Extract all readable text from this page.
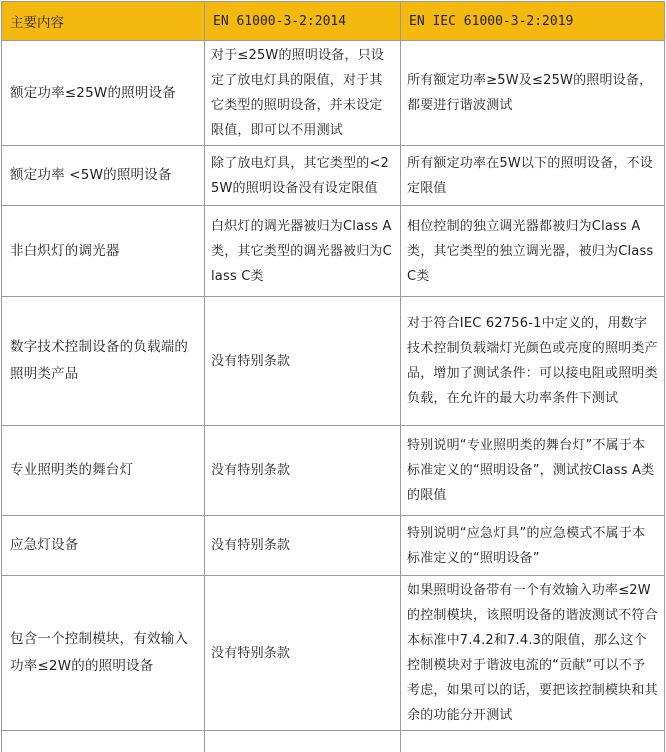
主要内容	EN 61000-3-2:2014	EN IEC 61000-3-2:2019
额定功率≤25W的照明设备	对于≤25W的照明设备，只设定了放电灯具的限值，对于其它类型的照明设备，并未设定限值，即可以不用测试	所有额定功率≥5W及≤25W的照明设备，都要进行谐波测试
额定功率 <5W的照明设备	除了放电灯具，其它类型的<25W的照明设备没有设定限值	所有额定功率在5W以下的照明设备，不设定限值
非白炽灯的调光器	白炽灯的调光器被归为Class A类，其它类型的调光器被归为Class C类	相位控制的独立调光器都被归为Class A类，其它类型的独立调光器，被归为Class C类
数字技术控制设备的负载端的照明类产品	没有特别条款	对于符合IEC 62756-1中定义的，用数字技术控制负载端灯光颜色或亮度的照明类产品，增加了测试条件：可以接电阻或照明类负载，在允许的最大功率条件下测试
专业照明类的舞台灯	没有特别条款	特别说明“专业照明类的舞台灯”不属于本标准定义的“照明设备”，测试按Class A类的限值
应急灯设备	没有特别条款	特别说明“应急灯具”的应急模式不属于本标准定义的“照明设备”
包含一个控制模块，有效输入功率≤2W的的照明设备	没有特别条款	如果照明设备带有一个有效输入功率≤2W的控制模块，该照明设备的谐波测试不符合本标准中7.4.2和7.4.3的限值，那么这个控制模块对于谐波电流的“贡献”可以不予考虑，如果可以的话，要把该控制模块和其余的功能分开测试
